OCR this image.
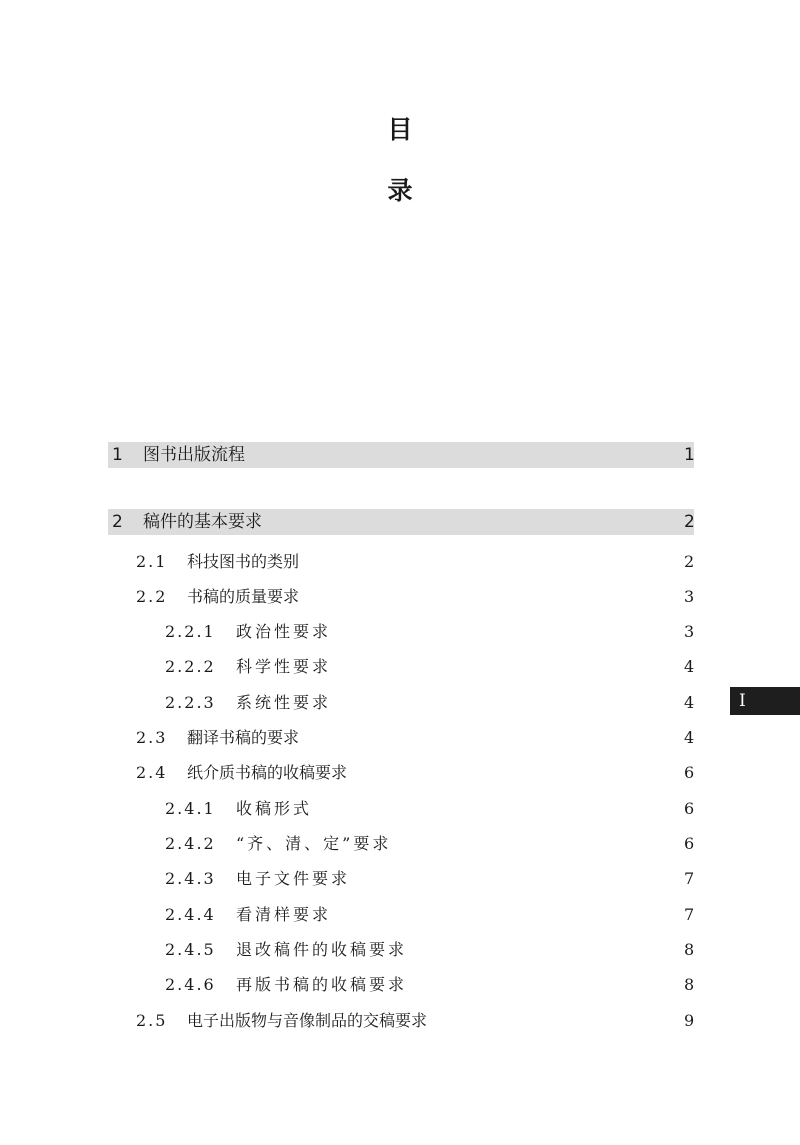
目
录
1	图书出版流程	1
2	稿件的基本要求	2
2.1	科技图书的类别	2
2.2	书稿的质量要求	3
2.2.1	政治性要求	3
2.2.2	科学性要求	4
2.2.3	系统性要求	4
2.3	翻译书稿的要求	4
2.4	纸介质书稿的收稿要求	6
2.4.1	收稿形式	6
2.4.2	“齐、清、定”要求	6
2.4.3	电子文件要求	7
2.4.4	看清样要求	7
2.4.5	退改稿件的收稿要求	8
2.4.6	再版书稿的收稿要求	8
2.5	电子出版物与音像制品的交稿要求	9
I
